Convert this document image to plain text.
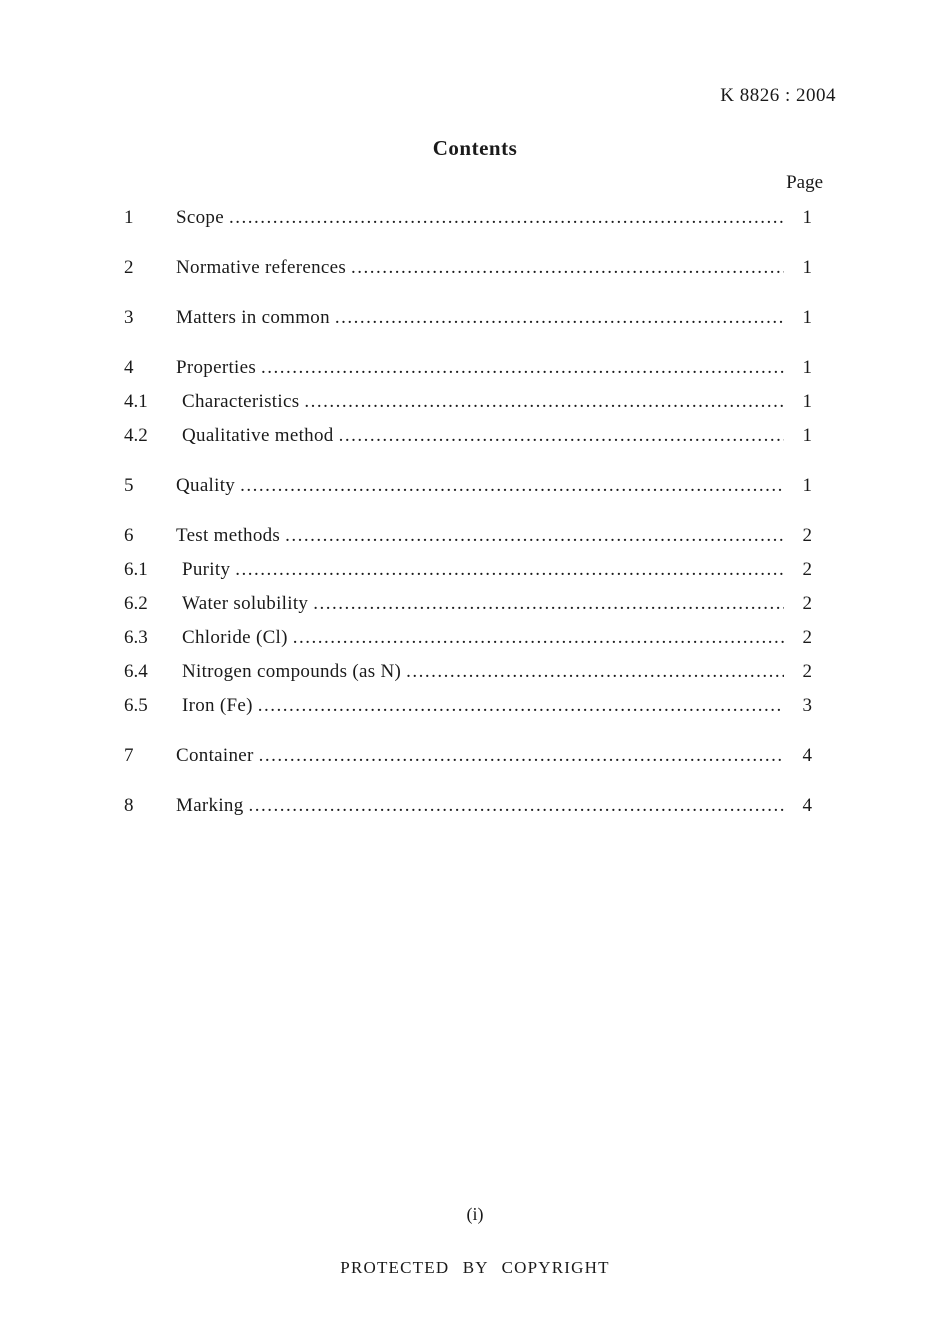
K 8826 : 2004
Contents
Page
1	Scope .....	1
2	Normative references .....	1
3	Matters in common .....	1
4	Properties .....	1
4.1	Characteristics .....	1
4.2	Qualitative method .....	1
5	Quality .....	1
6	Test methods .....	2
6.1	Purity .....	2
6.2	Water solubility .....	2
6.3	Chloride (Cl) .....	2
6.4	Nitrogen compounds (as N) .....	2
6.5	Iron (Fe) .....	3
7	Container .....	4
8	Marking .....	4
(i)
PROTECTED BY COPYRIGHT
